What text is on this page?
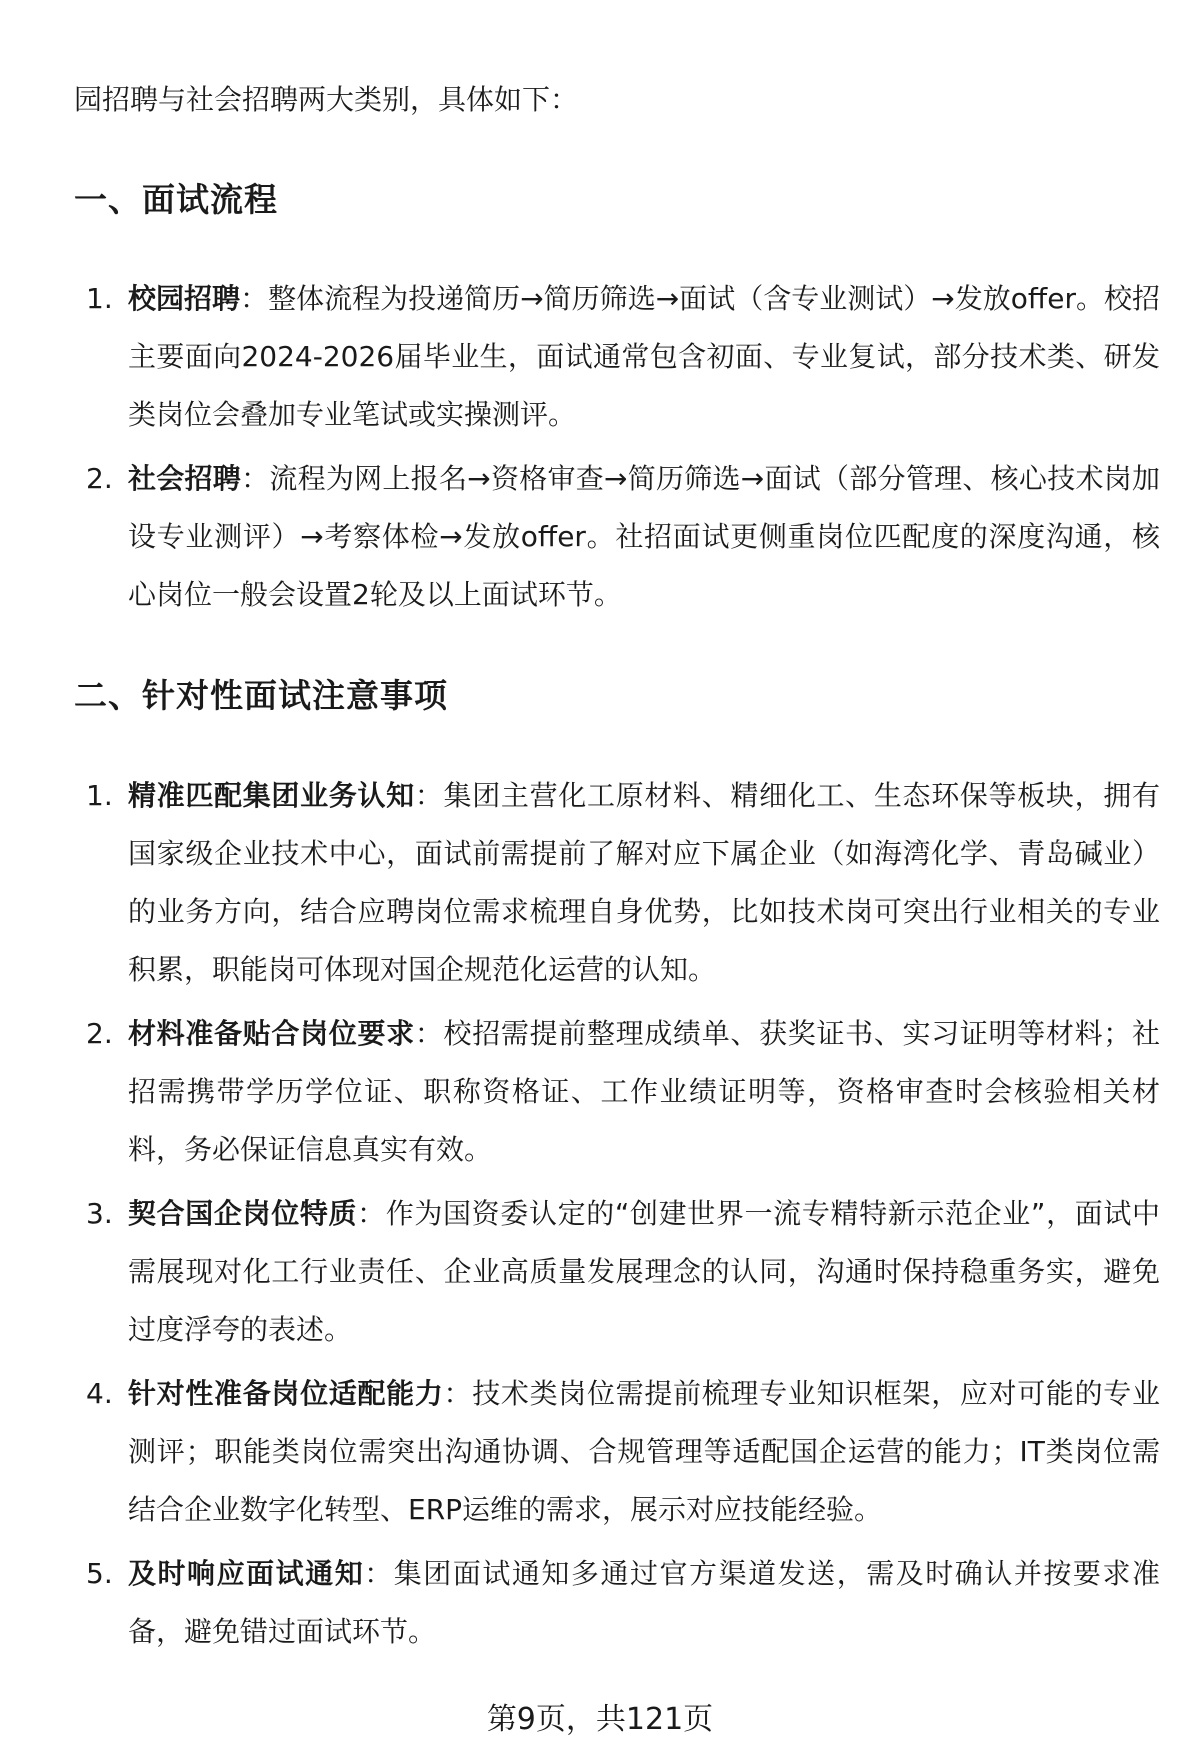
园招聘与社会招聘两大类别，具体如下：

一、面试流程
1. 校园招聘：整体流程为投递简历→简历筛选→面试（含专业测试）→发放offer。校招主要面向2024-2026届毕业生，面试通常包含初面、专业复试，部分技术类、研发类岗位会叠加专业笔试或实操测评。
2. 社会招聘：流程为网上报名→资格审查→简历筛选→面试（部分管理、核心技术岗加设专业测评）→考察体检→发放offer。社招面试更侧重岗位匹配度的深度沟通，核心岗位一般会设置2轮及以上面试环节。
二、针对性面试注意事项
1. 精准匹配集团业务认知：集团主营化工原材料、精细化工、生态环保等板块，拥有国家级企业技术中心，面试前需提前了解对应下属企业（如海湾化学、青岛碱业）的业务方向，结合应聘岗位需求梳理自身优势，比如技术岗可突出行业相关的专业积累，职能岗可体现对国企规范化运营的认知。
2. 材料准备贴合岗位要求：校招需提前整理成绩单、获奖证书、实习证明等材料；社招需携带学历学位证、职称资格证、工作业绩证明等，资格审查时会核验相关材料，务必保证信息真实有效。
3. 契合国企岗位特质：作为国资委认定的“创建世界一流专精特新示范企业”，面试中需展现对化工行业责任、企业高质量发展理念的认同，沟通时保持稳重务实，避免过度浮夸的表述。
4. 针对性准备岗位适配能力：技术类岗位需提前梳理专业知识框架，应对可能的专业测评；职能类岗位需突出沟通协调、合规管理等适配国企运营的能力；IT类岗位需结合企业数字化转型、ERP运维的需求，展示对应技能经验。
5. 及时响应面试通知：集团面试通知多通过官方渠道发送，需及时确认并按要求准备，避免错过面试环节。
第9页，共121页
